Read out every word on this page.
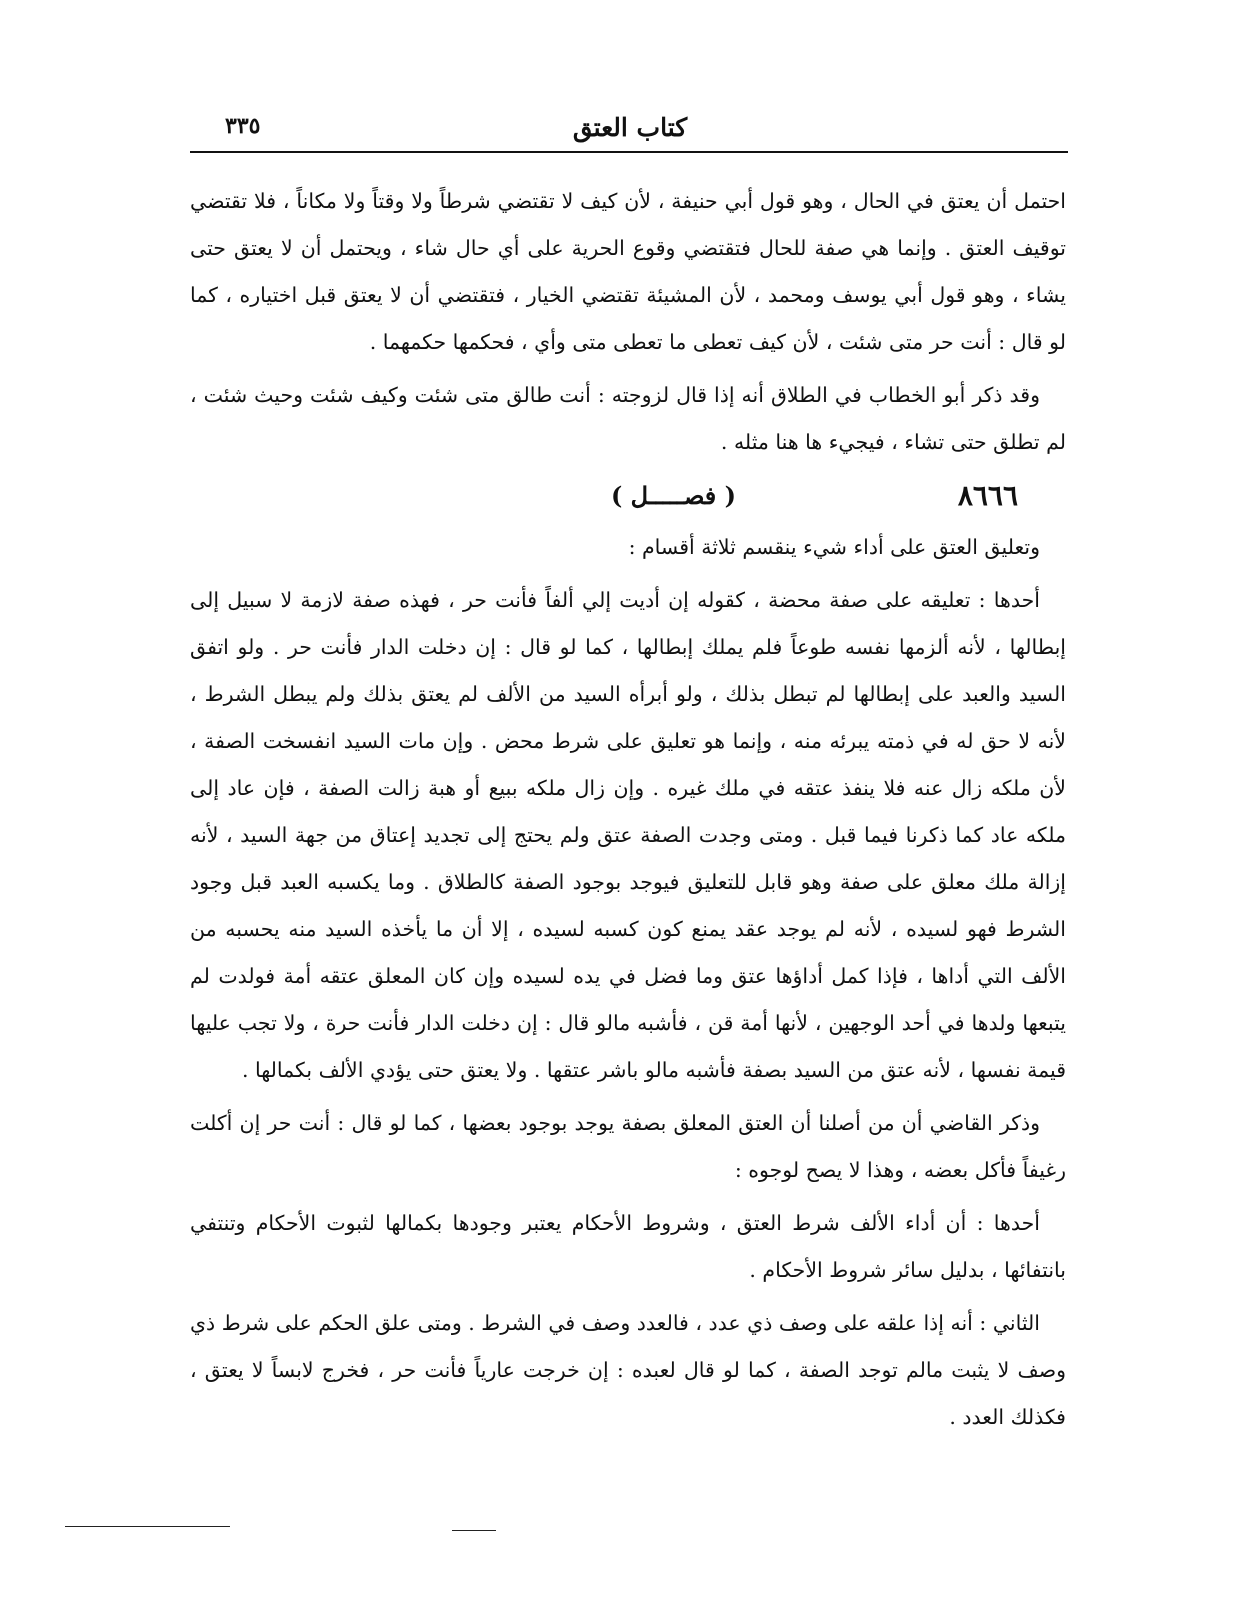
كتاب العتق
٣٣٥

احتمل أن يعتق في الحال ، وهو قول أبي حنيفة ، لأن كيف لا تقتضي شرطاً ولا وقتاً ولا مكاناً ، فلا تقتضي توقيف العتق . وإنما هي صفة للحال فتقتضي وقوع الحرية على أي حال شاء ، ويحتمل أن لا يعتق حتى يشاء ، وهو قول أبي يوسف ومحمد ، لأن المشيئة تقتضي الخيار ، فتقتضي أن لا يعتق قبل اختياره ، كما لو قال : أنت حر متى شئت ، لأن كيف تعطى ما تعطى متى وأي ، فحكمها حكمهما .

وقد ذكر أبو الخطاب في الطلاق أنه إذا قال لزوجته : أنت طالق متى شئت وكيف شئت وحيث شئت ، لم تطلق حتى تشاء ، فيجيء ها هنا مثله .

٨٦٦٦
( فصـــــل )

وتعليق العتق على أداء شيء ينقسم ثلاثة أقسام :

أحدها : تعليقه على صفة محضة ، كقوله إن أديت إلي ألفاً فأنت حر ، فهذه صفة لازمة لا سبيل إلى إبطالها ، لأنه ألزمها نفسه طوعاً فلم يملك إبطالها ، كما لو قال : إن دخلت الدار فأنت حر . ولو اتفق السيد والعبد على إبطالها لم تبطل بذلك ، ولو أبرأه السيد من الألف لم يعتق بذلك ولم يبطل الشرط ، لأنه لا حق له في ذمته يبرئه منه ، وإنما هو تعليق على شرط محض . وإن مات السيد انفسخت الصفة ، لأن ملكه زال عنه فلا ينفذ عتقه في ملك غيره . وإن زال ملكه ببيع أو هبة زالت الصفة ، فإن عاد إلى ملكه عاد كما ذكرنا فيما قبل . ومتى وجدت الصفة عتق ولم يحتج إلى تجديد إعتاق من جهة السيد ، لأنه إزالة ملك معلق على صفة وهو قابل للتعليق فيوجد بوجود الصفة كالطلاق . وما يكسبه العبد قبل وجود الشرط فهو لسيده ، لأنه لم يوجد عقد يمنع كون كسبه لسيده ، إلا أن ما يأخذه السيد منه يحسبه من الألف التي أداها ، فإذا كمل أداؤها عتق وما فضل في يده لسيده وإن كان المعلق عتقه أمة فولدت لم يتبعها ولدها في أحد الوجهين ، لأنها أمة قن ، فأشبه مالو قال : إن دخلت الدار فأنت حرة ، ولا تجب عليها قيمة نفسها ، لأنه عتق من السيد بصفة فأشبه مالو باشر عتقها . ولا يعتق حتى يؤدي الألف بكمالها .

وذكر القاضي أن من أصلنا أن العتق المعلق بصفة يوجد بوجود بعضها ، كما لو قال : أنت حر إن أكلت رغيفاً فأكل بعضه ، وهذا لا يصح لوجوه :

أحدها : أن أداء الألف شرط العتق ، وشروط الأحكام يعتبر وجودها بكمالها لثبوت الأحكام وتنتفي بانتفائها ، بدليل سائر شروط الأحكام .

الثاني : أنه إذا علقه على وصف ذي عدد ، فالعدد وصف في الشرط . ومتى علق الحكم على شرط ذي وصف لا يثبت مالم توجد الصفة ، كما لو قال لعبده : إن خرجت عارياً فأنت حر ، فخرج لابساً لا يعتق ، فكذلك العدد .
